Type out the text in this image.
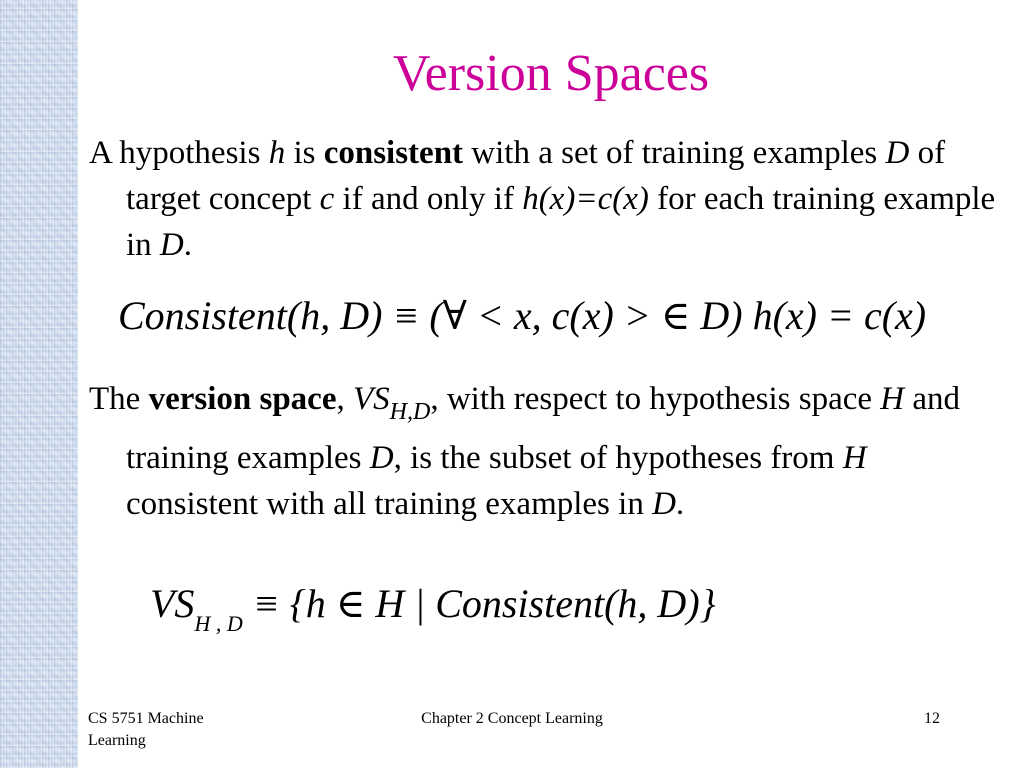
Version Spaces
A hypothesis h is consistent with a set of training examples D of target concept c if and only if h(x)=c(x) for each training example in D.
Consistent(h, D) ≡ (∀ < x, c(x) > ∈ D) h(x) = c(x)
The version space, $VS_{H,D}$, with respect to hypothesis space H and training examples D, is the subset of hypotheses from H consistent with all training examples in D.
$VS_{H , D} \equiv \{h$ ∈ H | Consistent(h, D)}
CS 5751 Machine Learning
Chapter 2 Concept Learning	12
